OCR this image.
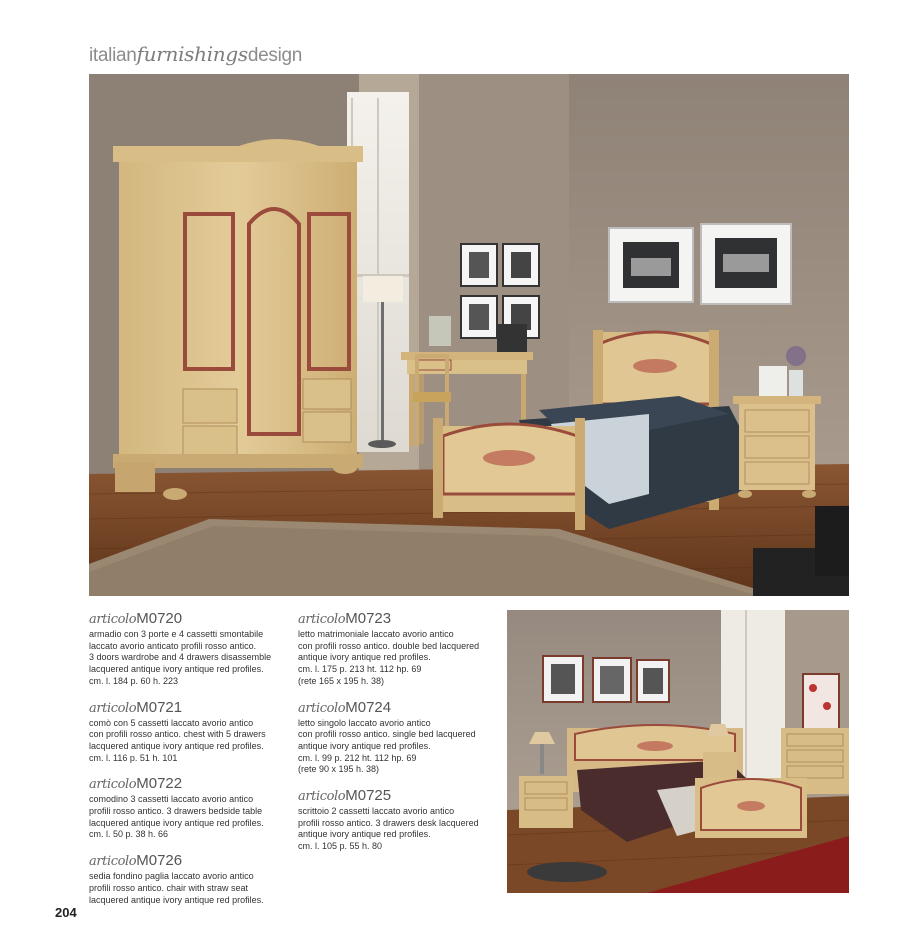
italianfurnishingsdesign
articoloM0720
armadio con 3 porte e 4 cassetti smontabile
laccato avorio anticato profili rosso antico.
3 doors wardrobe and 4 drawers disassemble
lacquered antique ivory antique red profiles.
cm. l. 184 p. 60 h. 223
articoloM0721
comò con 5 cassetti laccato avorio antico
con profili rosso antico. chest with 5 drawers
lacquered antique ivory antique red profiles.
cm. l. 116 p. 51 h. 101
articoloM0722
comodino 3 cassetti laccato avorio antico
profili rosso antico. 3 drawers bedside table
lacquered antique ivory antique red profiles.
cm. l. 50 p. 38 h. 66
articoloM0726
sedia fondino paglia laccato avorio antico
profili rosso antico. chair with straw seat
lacquered antique ivory antique red profiles.
articoloM0723
letto matrimoniale laccato avorio antico
con profili rosso antico. double bed lacquered
antique ivory antique red profiles.
cm. l. 175 p. 213 ht. 112 hp. 69
(rete 165 x 195 h. 38)
articoloM0724
letto singolo laccato avorio antico
con profili rosso antico. single bed lacquered
antique ivory antique red profiles.
cm. l. 99 p. 212 ht. 112 hp. 69
(rete 90 x 195 h. 38)
articoloM0725
scrittoio 2 cassetti laccato avorio antico
profili rosso antico. 3 drawers desk lacquered
antique ivory antique red profiles.
cm. l. 105 p. 55 h. 80
204
